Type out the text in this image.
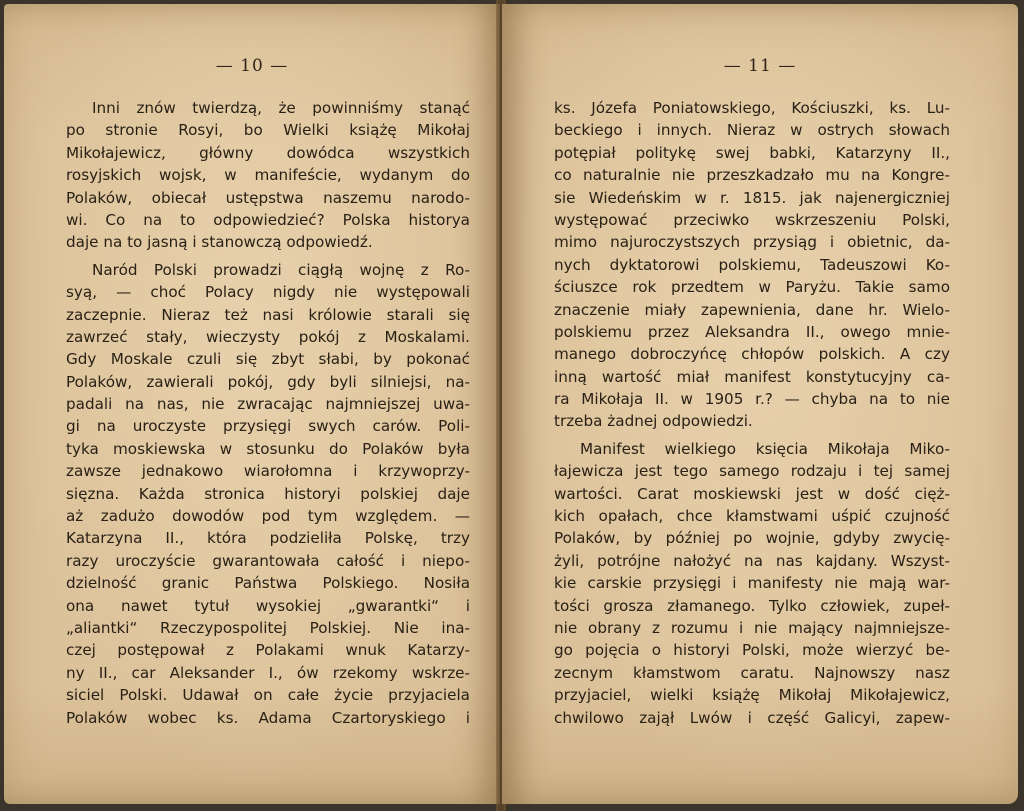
— 10 —
Inni znów twierdzą, że powinniśmy stanąć
po stronie Rosyi, bo Wielki książę Mikołaj
Mikołajewicz, główny dowódca wszystkich
rosyjskich wojsk, w manifeście, wydanym do
Polaków, obiecał ustępstwa naszemu narodo-
wi. Co na to odpowiedzieć? Polska historya
daje na to jasną i stanowczą odpowiedź.
Naród Polski prowadzi ciągłą wojnę z Ro-
syą, — choć Polacy nigdy nie występowali
zaczepnie. Nieraz też nasi królowie starali się
zawrzeć stały, wieczysty pokój z Moskalami.
Gdy Moskale czuli się zbyt słabi, by pokonać
Polaków, zawierali pokój, gdy byli silniejsi, na-
padali na nas, nie zwracając najmniejszej uwa-
gi na uroczyste przysięgi swych carów. Poli-
tyka moskiewska w stosunku do Polaków była
zawsze jednakowo wiarołomna i krzywoprzy-
sięzna. Każda stronica historyi polskiej daje
aż zadużo dowodów pod tym względem. —
Katarzyna II., która podzieliła Polskę, trzy
razy uroczyście gwarantowała całość i niepo-
dzielność granic Państwa Polskiego. Nosiła
ona nawet tytuł wysokiej „gwarantki“ i
„aliantki“ Rzeczypospolitej Polskiej. Nie ina-
czej postępował z Polakami wnuk Katarzy-
ny II., car Aleksander I., ów rzekomy wskrze-
siciel Polski. Udawał on całe życie przyjaciela
Polaków wobec ks. Adama Czartoryskiego i
— 11 —
ks. Józefa Poniatowskiego, Kościuszki, ks. Lu-
beckiego i innych. Nieraz w ostrych słowach
potępiał politykę swej babki, Katarzyny II.,
co naturalnie nie przeszkadzało mu na Kongre-
sie Wiedeńskim w r. 1815. jak najenergiczniej
występować przeciwko wskrzeszeniu Polski,
mimo najuroczystszych przysiąg i obietnic, da-
nych dyktatorowi polskiemu, Tadeuszowi Ko-
ściuszce rok przedtem w Paryżu. Takie samo
znaczenie miały zapewnienia, dane hr. Wielo-
polskiemu przez Aleksandra II., owego mnie-
manego dobroczyńcę chłopów polskich. A czy
inną wartość miał manifest konstytucyjny ca-
ra Mikołaja II. w 1905 r.? — chyba na to nie
trzeba żadnej odpowiedzi.
Manifest wielkiego księcia Mikołaja Miko-
łajewicza jest tego samego rodzaju i tej samej
wartości. Carat moskiewski jest w dość cięż-
kich opałach, chce kłamstwami uśpić czujność
Polaków, by później po wojnie, gdyby zwycię-
żyli, potrójne nałożyć na nas kajdany. Wszyst-
kie carskie przysięgi i manifesty nie mają war-
tości grosza złamanego. Tylko człowiek, zupeł-
nie obrany z rozumu i nie mający najmniejsze-
go pojęcia o historyi Polski, może wierzyć be-
zecnym kłamstwom caratu. Najnowszy nasz
przyjaciel, wielki książę Mikołaj Mikołajewicz,
chwilowo zajął Lwów i część Galicyi, zapew-
